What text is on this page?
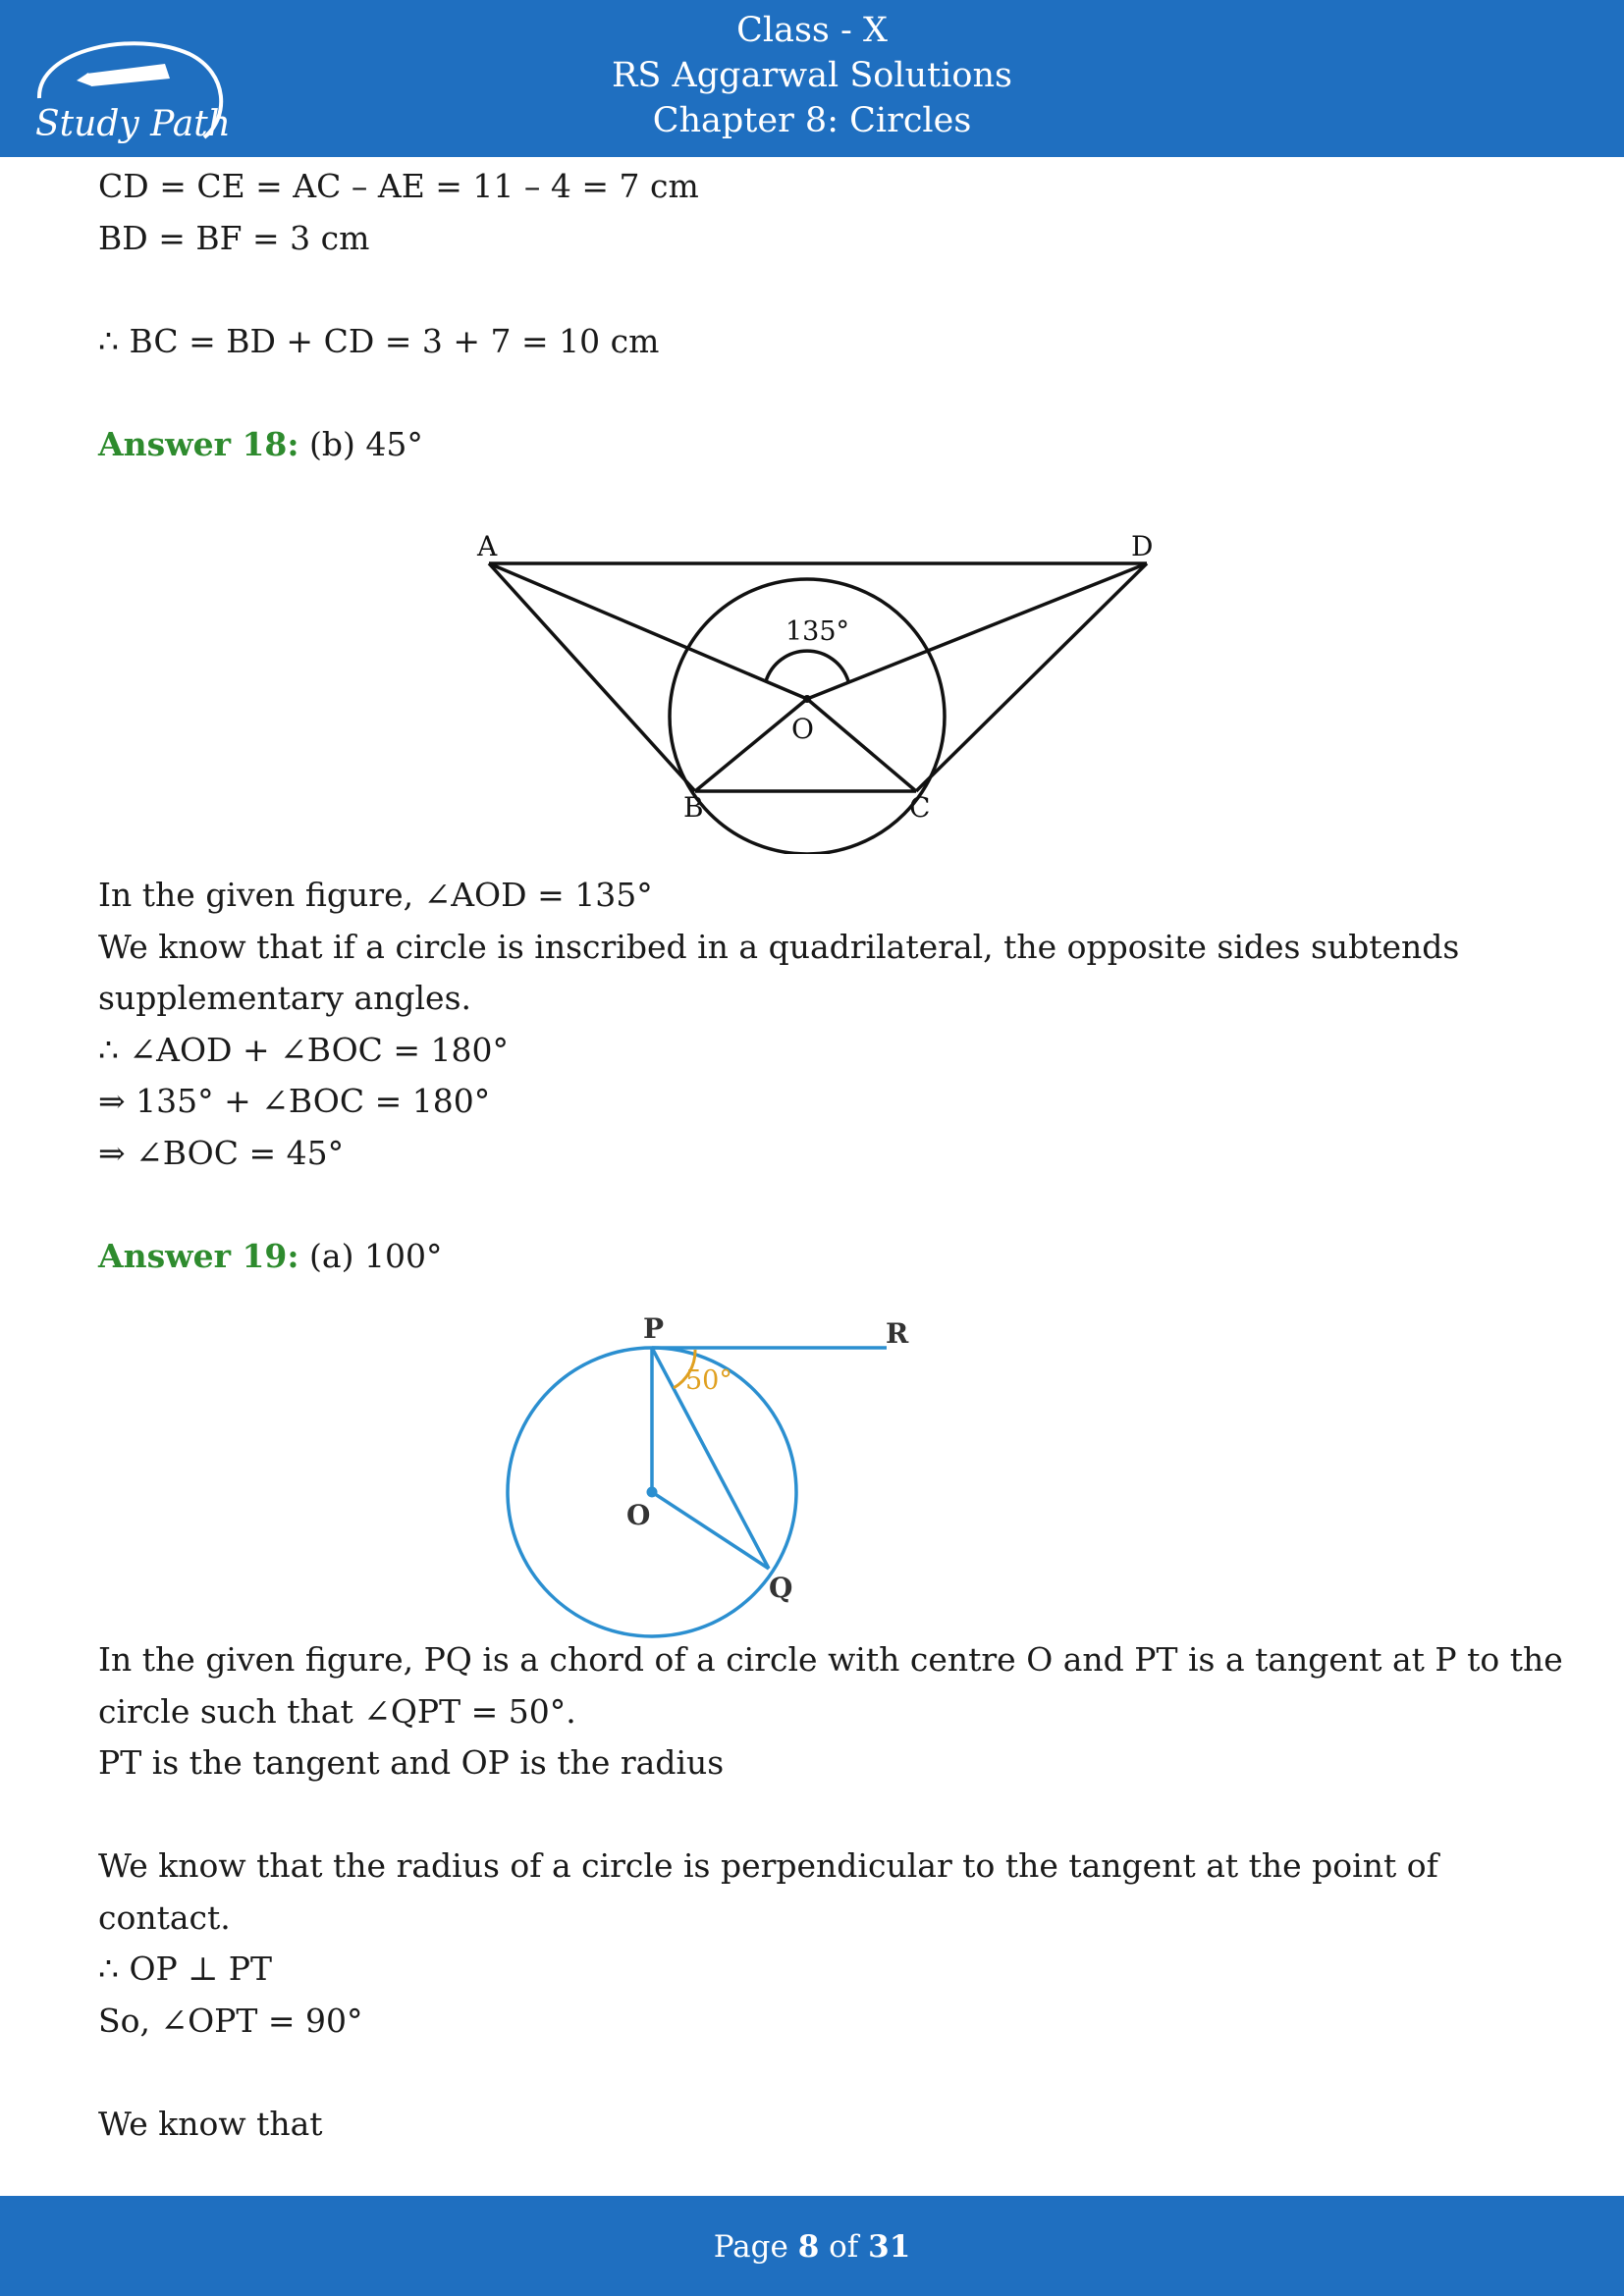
Study Path
Class - X
RS Aggarwal Solutions
Chapter 8: Circles
CD = CE = AC – AE = 11 – 4 = 7 cm
BD = BF = 3 cm
∴ BC = BD + CD = 3 + 7 = 10 cm
Answer 18: (b) 45°
In the given figure, ∠AOD = 135°
We know that if a circle is inscribed in a quadrilateral, the opposite sides subtends
supplementary angles.
∴ ∠AOD + ∠BOC = 180°
⇒ 135° + ∠BOC = 180°
⇒ ∠BOC = 45°
Answer 19: (a) 100°
In the given figure, PQ is a chord of a circle with centre O and PT is a tangent at P to the
circle such that ∠QPT = 50°.
PT is the tangent and OP is the radius
We know that the radius of a circle is perpendicular to the tangent at the point of
contact.
∴ OP ⊥ PT
So, ∠OPT = 90°
We know that
A	D
O
B	C
135°
P	R
O
Q
50°
Page 8 of 31
